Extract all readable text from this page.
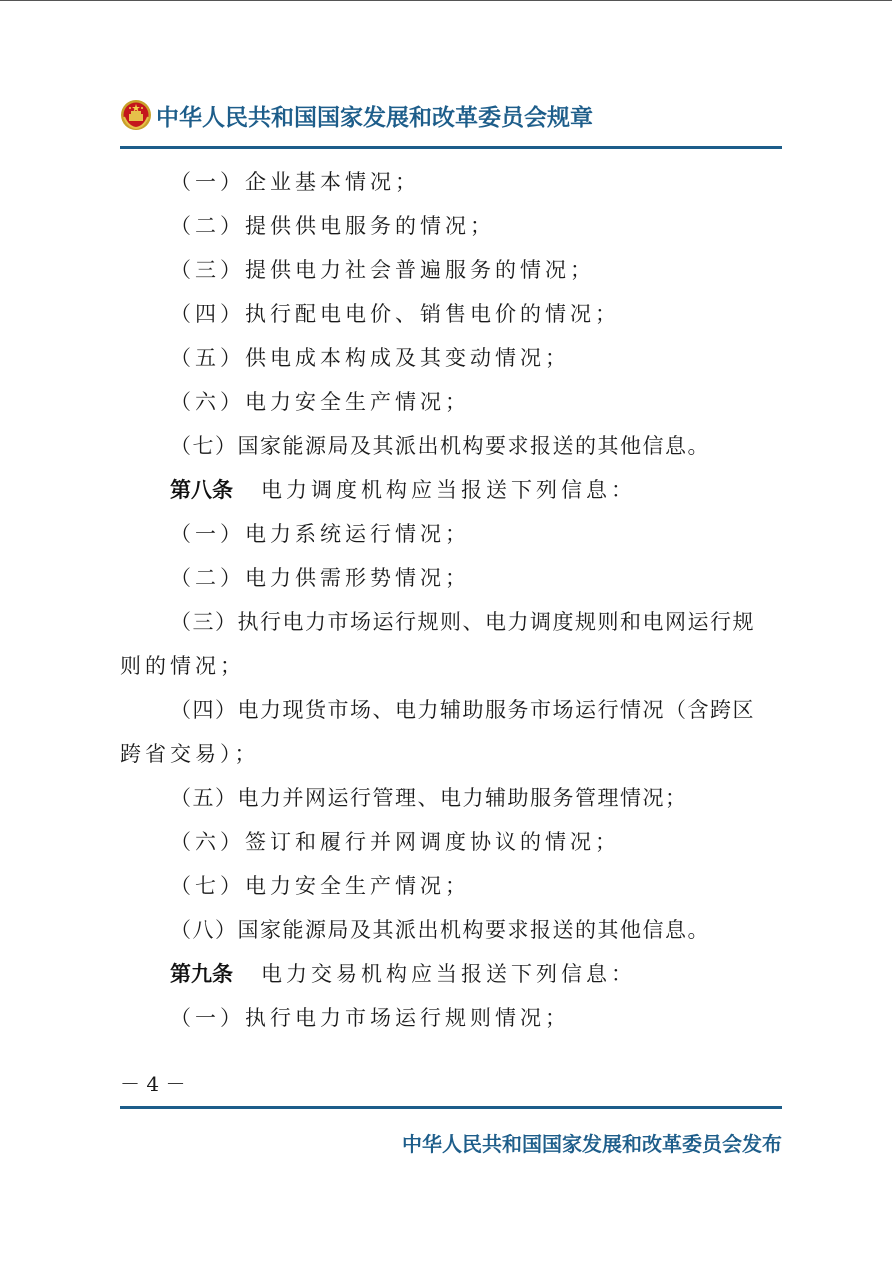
中华人民共和国国家发展和改革委员会规章
（一）企业基本情况；
（二）提供供电服务的情况；
（三）提供电力社会普遍服务的情况；
（四）执行配电电价、销售电价的情况；
（五）供电成本构成及其变动情况；
（六）电力安全生产情况；
（七）国家能源局及其派出机构要求报送的其他信息。
第八条 电力调度机构应当报送下列信息：
（一）电力系统运行情况；
（二）电力供需形势情况；
（三）执行电力市场运行规则、电力调度规则和电网运行规
则的情况；
（四）电力现货市场、电力辅助服务市场运行情况（含跨区
跨省交易）；
（五）电力并网运行管理、电力辅助服务管理情况；
（六）签订和履行并网调度协议的情况；
（七）电力安全生产情况；
（八）国家能源局及其派出机构要求报送的其他信息。
第九条 电力交易机构应当报送下列信息：
（一）执行电力市场运行规则情况；
－ 4 －
中华人民共和国国家发展和改革委员会发布
